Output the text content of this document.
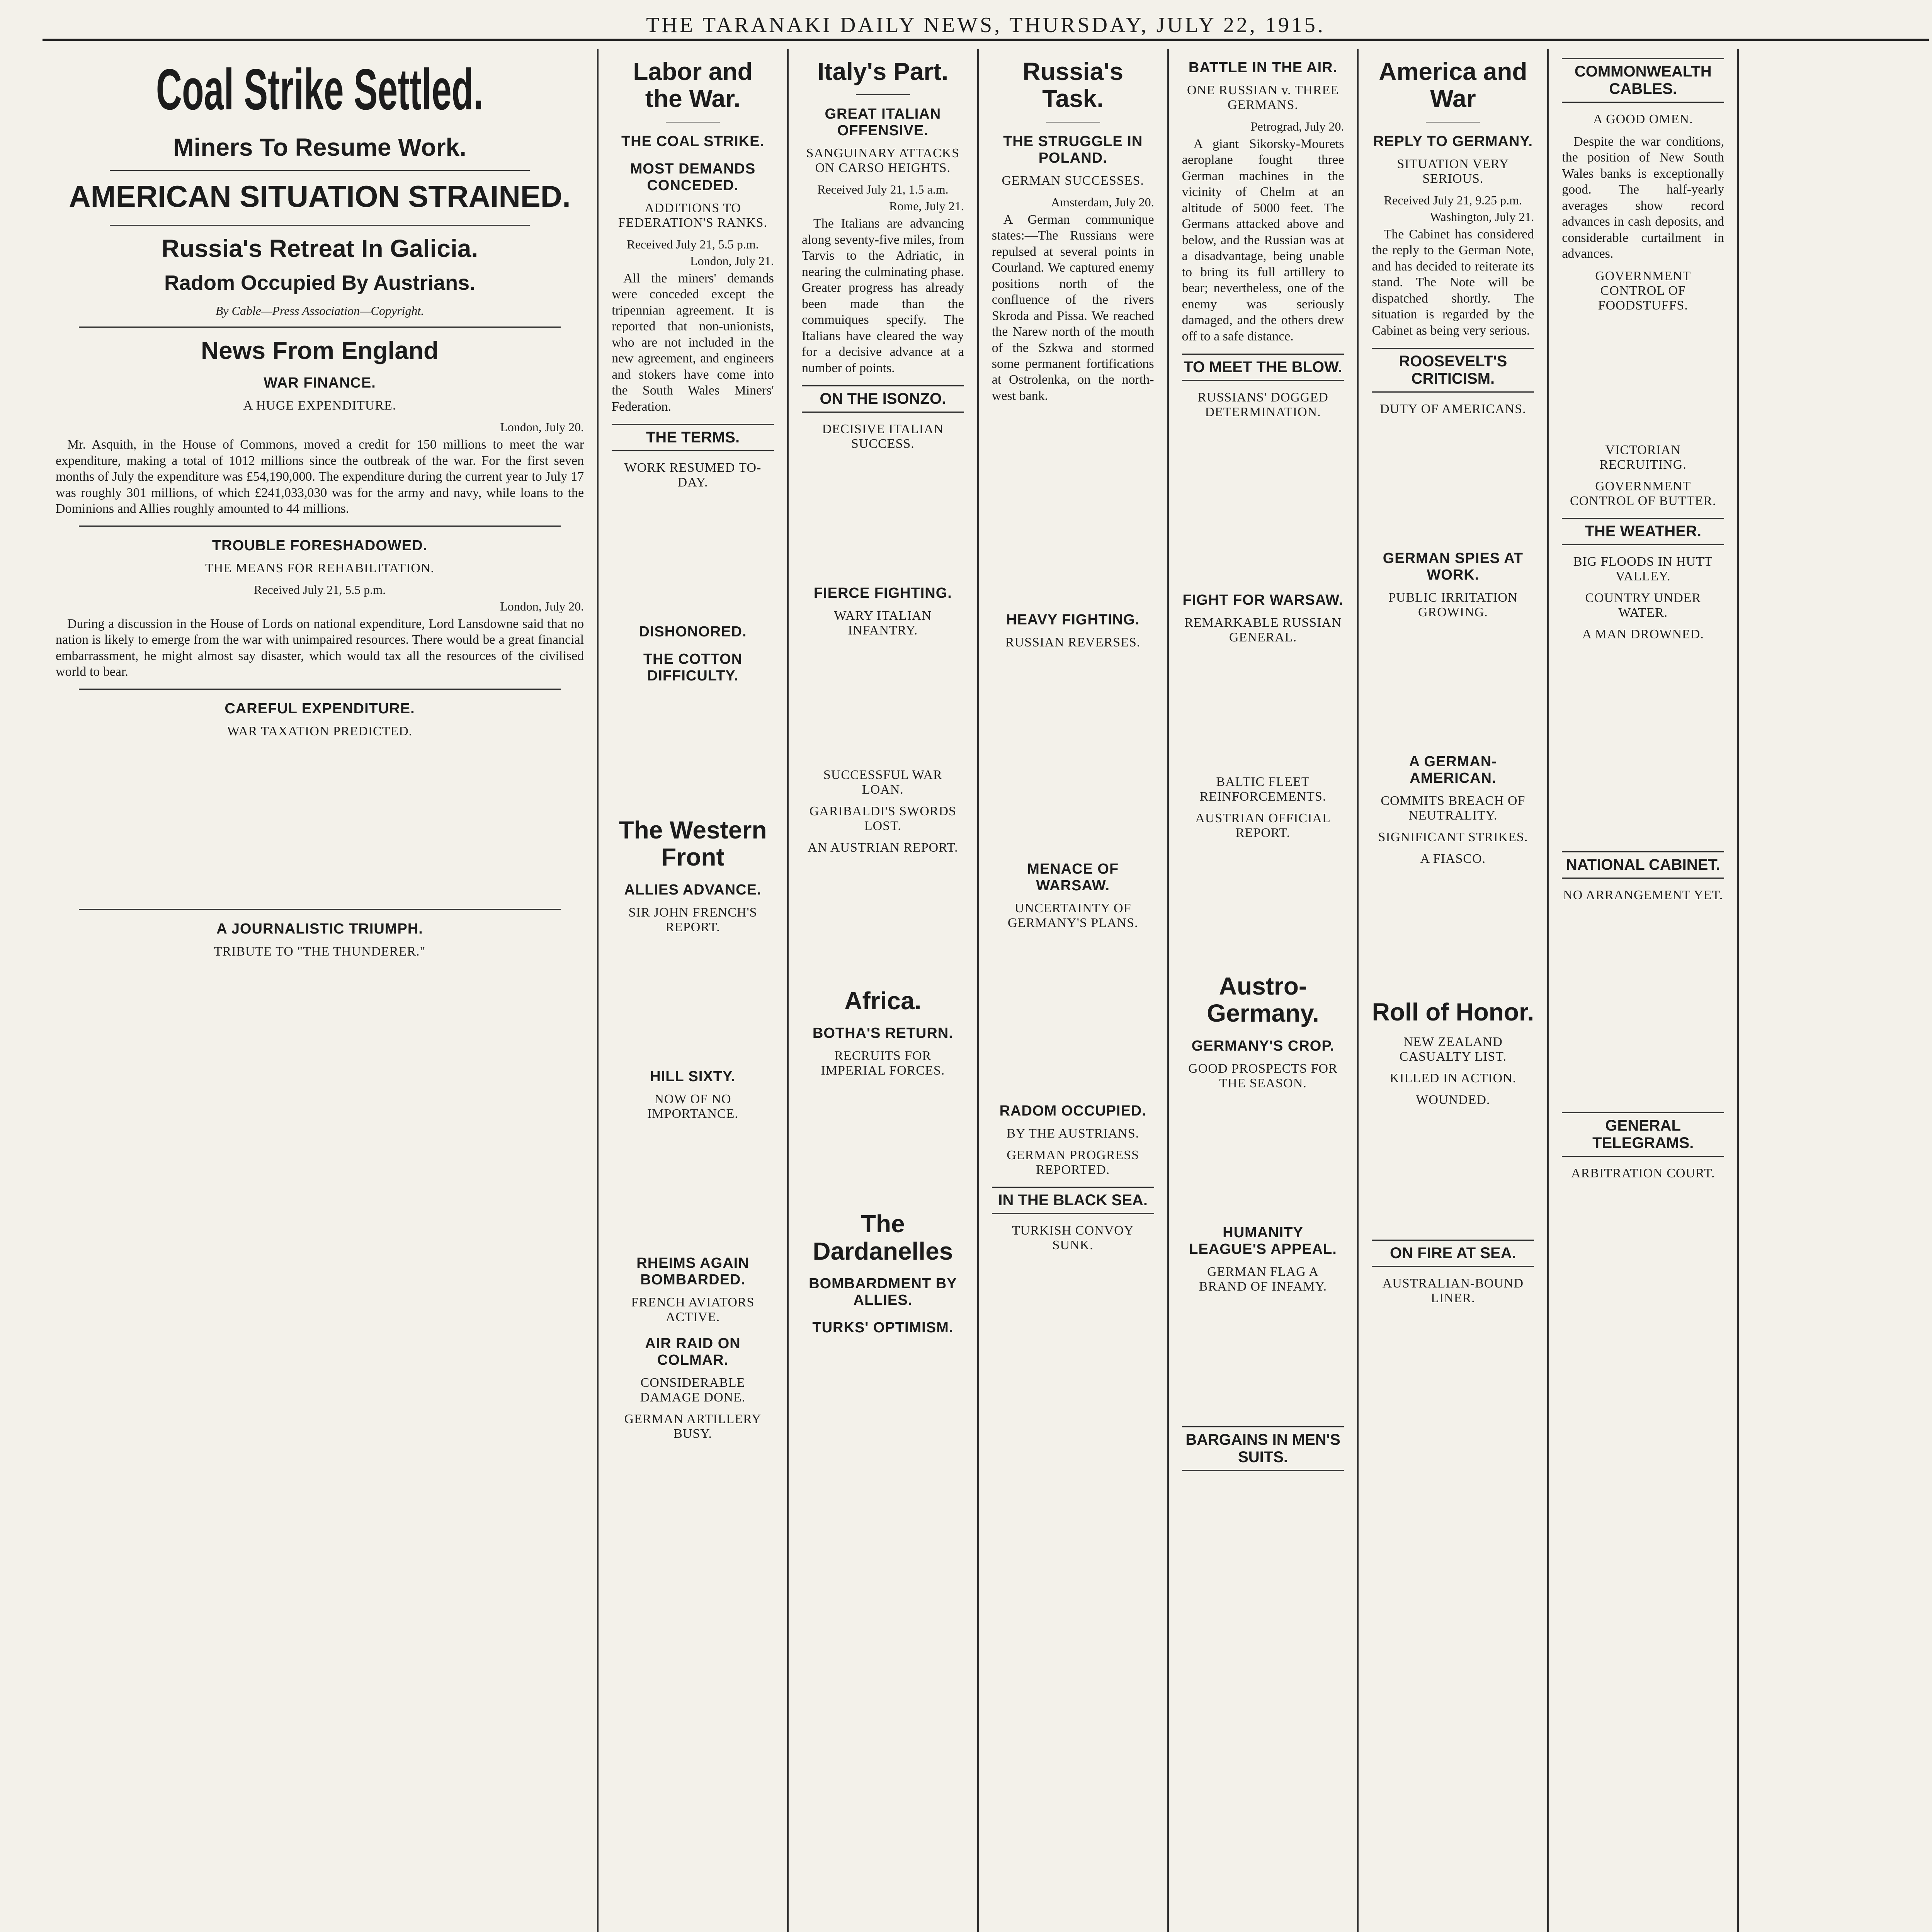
THE TARANAKI DAILY NEWS, THURSDAY, JULY 22, 1915.
Coal Strike Settled.
Miners To Resume Work.
AMERICAN SITUATION STRAINED.
Russia's Retreat In Galicia.
Radom Occupied By Austrians.
By Cable—Press Association—Copyright.
News From England
WAR FINANCE.
A HUGE EXPENDITURE.
London, July 20.

Mr. Asquith, in the House of Commons, moved a credit for 150 millions to meet the war expenditure, making a total of 1012 millions since the outbreak of the war. For the first seven months of July the expenditure was £54,190,000. The expenditure during the current year to July 17 was roughly 301 millions, of which £241,033,030 was for the army and navy, while loans to the Dominions and Allies roughly amounted to 44 millions.

TROUBLE FORESHADOWED.
THE MEANS FOR REHABILITATION.
Received July 21, 5.5 p.m.
London, July 20.

During a discussion in the House of Lords on national expenditure, Lord Lansdowne said that no nation is likely to emerge from the war with unimpaired resources. There would be a great financial embarrassment, he might almost say disaster, which would tax all the resources of the civilised world to bear.

CAREFUL EXPENDITURE.
WAR TAXATION PREDICTED.
A JOURNALISTIC TRIUMPH.
TRIBUTE TO "THE THUNDERER."
Labor and the War.
THE COAL STRIKE.
MOST DEMANDS CONCEDED.
ADDITIONS TO FEDERATION'S RANKS.
Received July 21, 5.5 p.m.
London, July 21.

All the miners' demands were conceded except the tripennian agreement. It is reported that non-unionists, who are not included in the new agreement, and engineers and stokers have come into the South Wales Miners' Federation.

THE TERMS.
WORK RESUMED TO-DAY.
DISHONORED.
THE COTTON DIFFICULTY.
The Western Front
ALLIES ADVANCE.
SIR JOHN FRENCH'S REPORT.
HILL SIXTY.
NOW OF NO IMPORTANCE.
RHEIMS AGAIN BOMBARDED.
FRENCH AVIATORS ACTIVE.
AIR RAID ON COLMAR.
CONSIDERABLE DAMAGE DONE.
GERMAN ARTILLERY BUSY.
Italy's Part.
GREAT ITALIAN OFFENSIVE.
SANGUINARY ATTACKS ON CARSO HEIGHTS.
Received July 21, 1.5 a.m.
Rome, July 21.

The Italians are advancing along seventy-five miles, from Tarvis to the Adriatic, in nearing the culminating phase. Greater progress has already been made than the commuiques specify. The Italians have cleared the way for a decisive advance at a number of points.

ON THE ISONZO.
DECISIVE ITALIAN SUCCESS.
FIERCE FIGHTING.
WARY ITALIAN INFANTRY.
SUCCESSFUL WAR LOAN.
GARIBALDI'S SWORDS LOST.
AN AUSTRIAN REPORT.
Africa.
BOTHA'S RETURN.
RECRUITS FOR IMPERIAL FORCES.
The Dardanelles
BOMBARDMENT BY ALLIES.
TURKS' OPTIMISM.
Russia's Task.
THE STRUGGLE IN POLAND.
GERMAN SUCCESSES.
Amsterdam, July 20.

A German communique states:—The Russians were repulsed at several points in Courland. We captured enemy positions north of the confluence of the rivers Skroda and Pissa. We reached the Narew north of the mouth of the Szkwa and stormed some permanent fortifications at Ostrolenka, on the north-west bank.

HEAVY FIGHTING.
RUSSIAN REVERSES.
MENACE OF WARSAW.
UNCERTAINTY OF GERMANY'S PLANS.
RADOM OCCUPIED.
BY THE AUSTRIANS.
GERMAN PROGRESS REPORTED.
IN THE BLACK SEA.
TURKISH CONVOY SUNK.
BATTLE IN THE AIR.
ONE RUSSIAN v. THREE GERMANS.
Petrograd, July 20.

A giant Sikorsky-Mourets aeroplane fought three German machines in the vicinity of Chelm at an altitude of 5000 feet. The Germans attacked above and below, and the Russian was at a disadvantage, being unable to bring its full artillery to bear; nevertheless, one of the enemy was seriously damaged, and the others drew off to a safe distance.

TO MEET THE BLOW.
RUSSIANS' DOGGED DETERMINATION.
FIGHT FOR WARSAW.
REMARKABLE RUSSIAN GENERAL.
BALTIC FLEET REINFORCEMENTS.
AUSTRIAN OFFICIAL REPORT.
Austro-Germany.
GERMANY'S CROP.
GOOD PROSPECTS FOR THE SEASON.
HUMANITY LEAGUE'S APPEAL.
GERMAN FLAG A BRAND OF INFAMY.
BARGAINS IN MEN'S SUITS.
America and War
REPLY TO GERMANY.
SITUATION VERY SERIOUS.
Received July 21, 9.25 p.m.
Washington, July 21.

The Cabinet has considered the reply to the German Note, and has decided to reiterate its stand. The Note will be dispatched shortly. The situation is regarded by the Cabinet as being very serious.

ROOSEVELT'S CRITICISM.
DUTY OF AMERICANS.
GERMAN SPIES AT WORK.
PUBLIC IRRITATION GROWING.
A GERMAN-AMERICAN.
COMMITS BREACH OF NEUTRALITY.
SIGNIFICANT STRIKES.
A FIASCO.
Roll of Honor.
NEW ZEALAND CASUALTY LIST.
KILLED IN ACTION.
WOUNDED.
ON FIRE AT SEA.
AUSTRALIAN-BOUND LINER.
COMMONWEALTH CABLES.
A GOOD OMEN.

Despite the war conditions, the position of New South Wales banks is exceptionally good. The half-yearly averages show record advances in cash deposits, and considerable curtailment in advances.

GOVERNMENT CONTROL OF FOODSTUFFS.
VICTORIAN RECRUITING.
GOVERNMENT CONTROL OF BUTTER.
THE WEATHER.
BIG FLOODS IN HUTT VALLEY.
COUNTRY UNDER WATER.
A MAN DROWNED.
NATIONAL CABINET.
NO ARRANGEMENT YET.
GENERAL TELEGRAMS.
ARBITRATION COURT.
